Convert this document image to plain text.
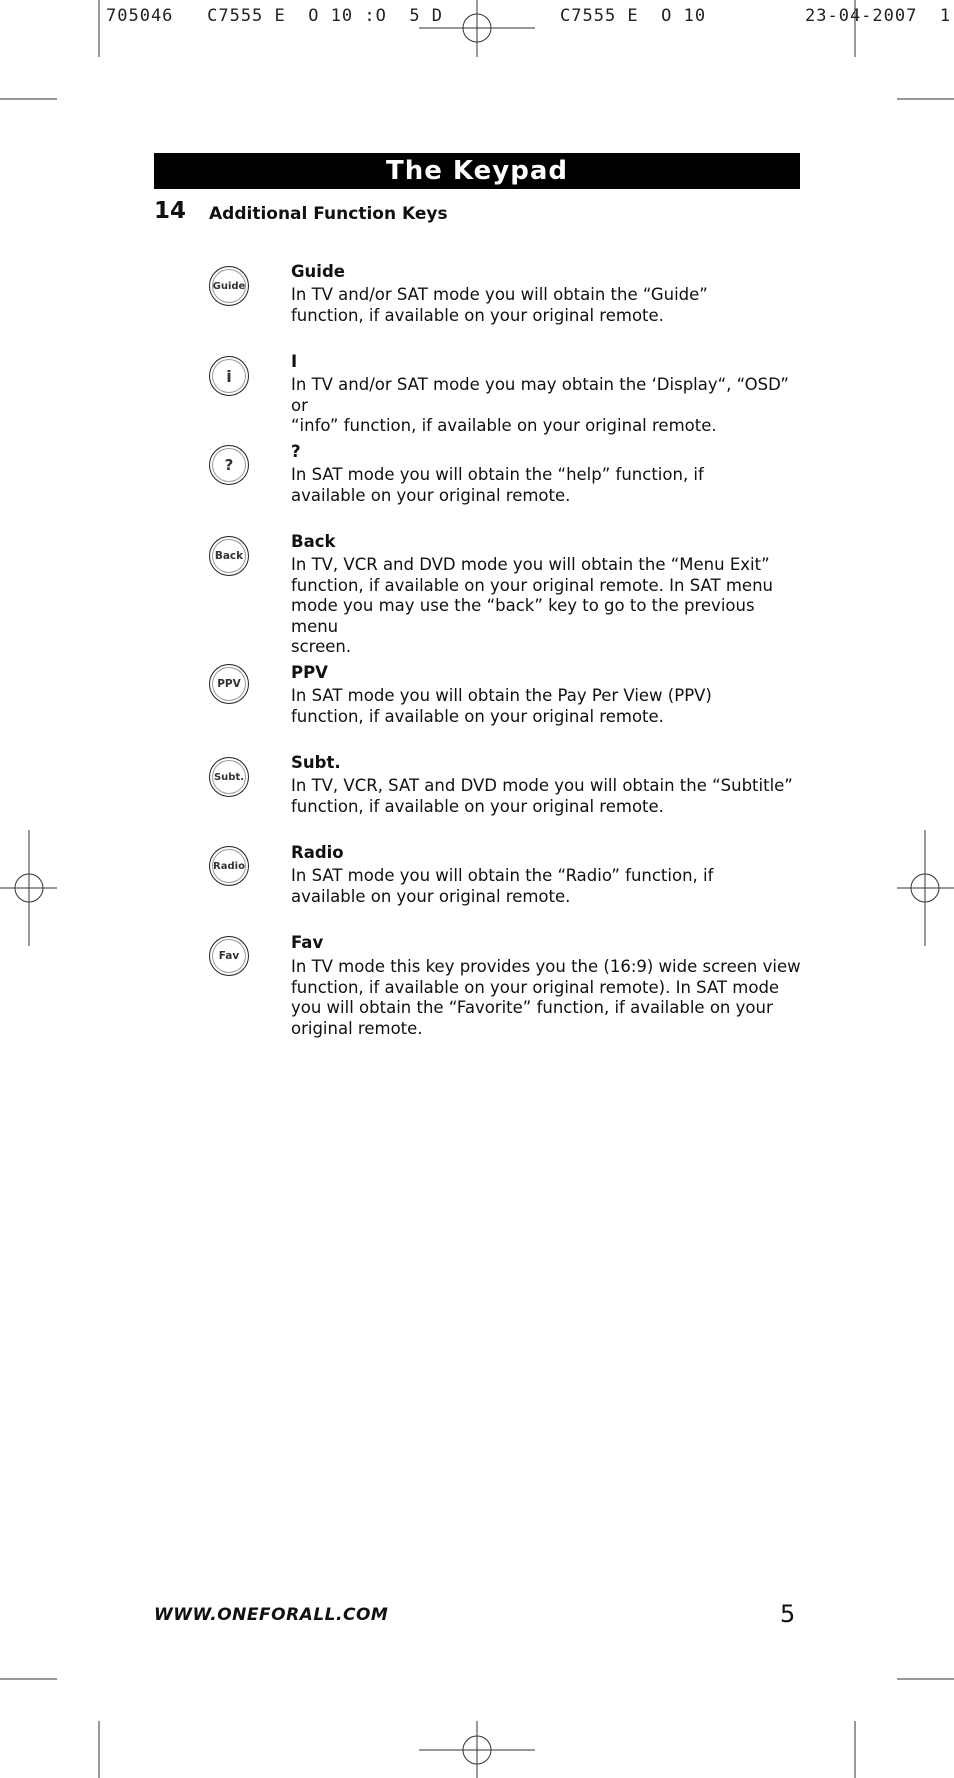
705046   C7555 E  O 10 :O  5 D	C7555 E  O 10	23-04-2007  1
The Keypad
14 Additional Function Keys
Guide
Guide
In TV and/or SAT mode you will obtain the “Guide”
function, if available on your original remote.
i
I
In TV and/or SAT mode you may obtain the ‘Display“, “OSD” or
“info” function, if available on your original remote.
?
?
In SAT mode you will obtain the “help” function, if
available on your original remote.
Back
Back
In TV, VCR and DVD mode you will obtain the “Menu Exit”
function, if available on your original remote. In SAT menu
mode you may use the “back” key to go to the previous menu
screen.
PPV
PPV
In SAT mode you will obtain the Pay Per View (PPV)
function, if available on your original remote.
Subt.
Subt.
In TV, VCR, SAT and DVD mode you will obtain the “Subtitle”
function, if available on your original remote.
Radio
Radio
In SAT mode you will obtain the “Radio” function, if
available on your original remote.
Fav
Fav
In TV mode this key provides you the (16:9) wide screen view
function, if available on your original remote). In SAT mode
you will obtain the “Favorite” function, if available on your
original remote.
WWW.ONEFORALL.COM	5
